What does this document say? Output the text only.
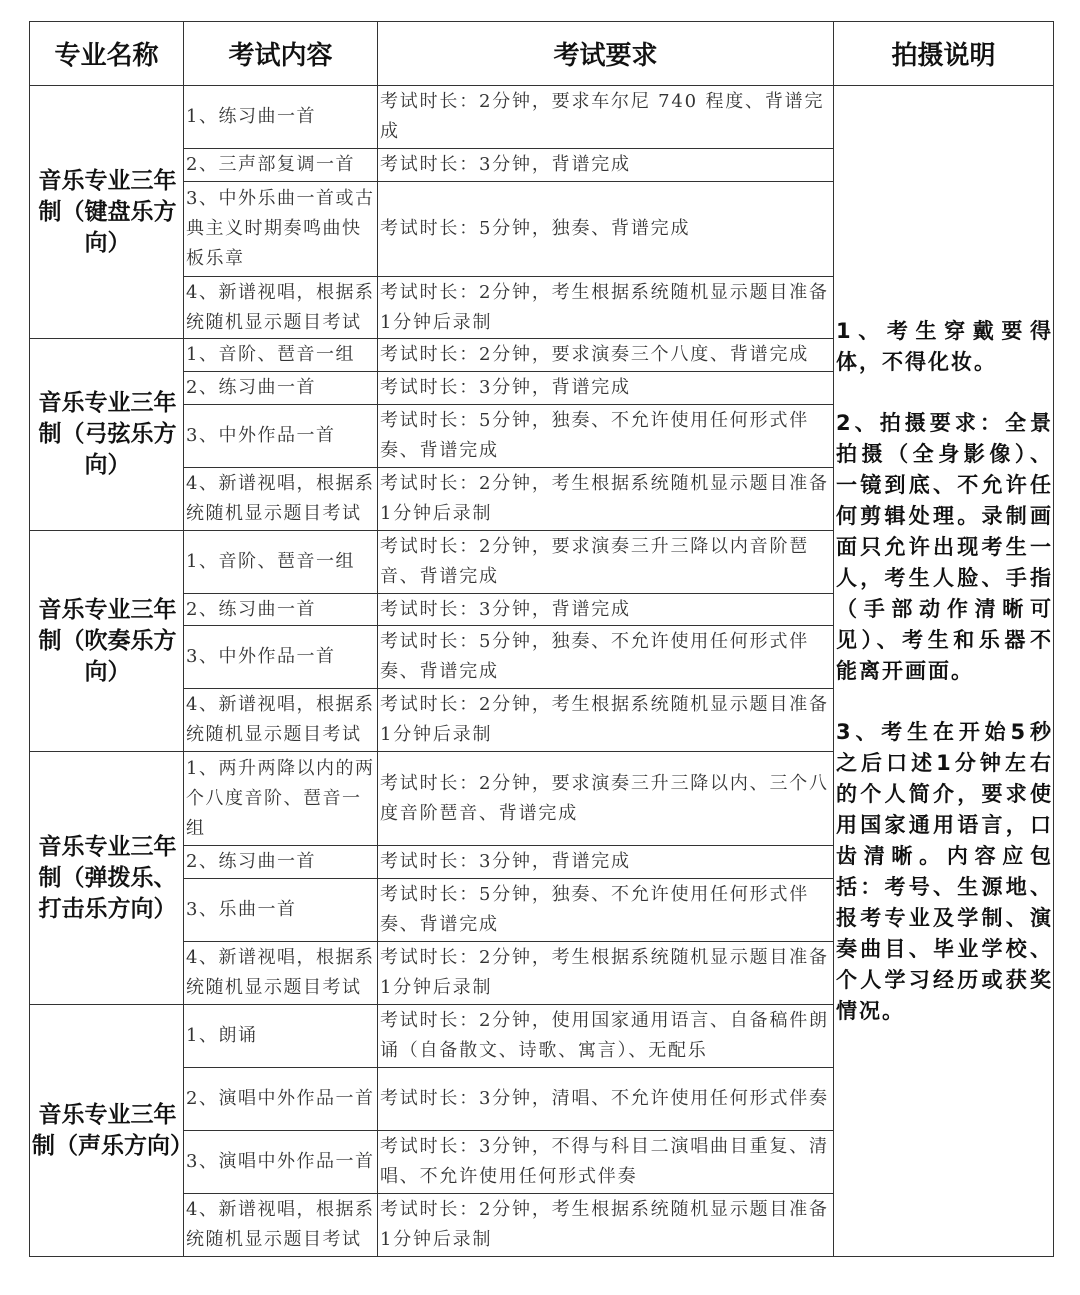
专业名称	考试内容	考试要求	拍摄说明
音乐专业三年制（键盘乐方向）	1、练习曲一首	考试时长：2分钟，要求车尔尼 740 程度、背谱完成	1、考生穿戴要得体，不得化妆。

2、拍摄要求：全景拍摄（全身影像）、一镜到底、不允许任何剪辑处理。录制画面只允许出现考生一人，考生人脸、手指（手部动作清晰可见）、考生和乐器不能离开画面。

3、考生在开始5秒之后口述1分钟左右的个人简介，要求使用国家通用语言，口齿清晰。内容应包括：考号、生源地、报考专业及学制、演奏曲目、毕业学校、个人学习经历或获奖情况。

	2、三声部复调一首	考试时长：3分钟，背谱完成	
	3、中外乐曲一首或古典主义时期奏鸣曲快板乐章	考试时长：5分钟，独奏、背谱完成	
	4、新谱视唱，根据系统随机显示题目考试	考试时长：2分钟，考生根据系统随机显示题目准备1分钟后录制	
音乐专业三年制（弓弦乐方向）	1、音阶、琶音一组	考试时长：2分钟，要求演奏三个八度、背谱完成	
	2、练习曲一首	考试时长：3分钟，背谱完成	
	3、中外作品一首	考试时长：5分钟，独奏、不允许使用任何形式伴奏、背谱完成	
	4、新谱视唱，根据系统随机显示题目考试	考试时长：2分钟，考生根据系统随机显示题目准备1分钟后录制	
音乐专业三年制（吹奏乐方向）	1、音阶、琶音一组	考试时长：2分钟，要求演奏三升三降以内音阶琶音、背谱完成	
	2、练习曲一首	考试时长：3分钟，背谱完成	
	3、中外作品一首	考试时长：5分钟，独奏、不允许使用任何形式伴奏、背谱完成	
	4、新谱视唱，根据系统随机显示题目考试	考试时长：2分钟，考生根据系统随机显示题目准备1分钟后录制	
音乐专业三年制（弹拨乐、打击乐方向）	1、两升两降以内的两个八度音阶、琶音一组	考试时长：2分钟，要求演奏三升三降以内、三个八度音阶琶音、背谱完成	
	2、练习曲一首	考试时长：3分钟，背谱完成	
	3、乐曲一首	考试时长：5分钟，独奏、不允许使用任何形式伴奏、背谱完成	
	4、新谱视唱，根据系统随机显示题目考试	考试时长：2分钟，考生根据系统随机显示题目准备1分钟后录制	
音乐专业三年制（声乐方向）	1、朗诵	考试时长：2分钟，使用国家通用语言、自备稿件朗诵（自备散文、诗歌、寓言）、无配乐	
	2、演唱中外作品一首	考试时长：3分钟，清唱、不允许使用任何形式伴奏	
	3、演唱中外作品一首	考试时长：3分钟，不得与科目二演唱曲目重复、清唱、不允许使用任何形式伴奏	
	4、新谱视唱，根据系统随机显示题目考试	考试时长：2分钟，考生根据系统随机显示题目准备1分钟后录制	
